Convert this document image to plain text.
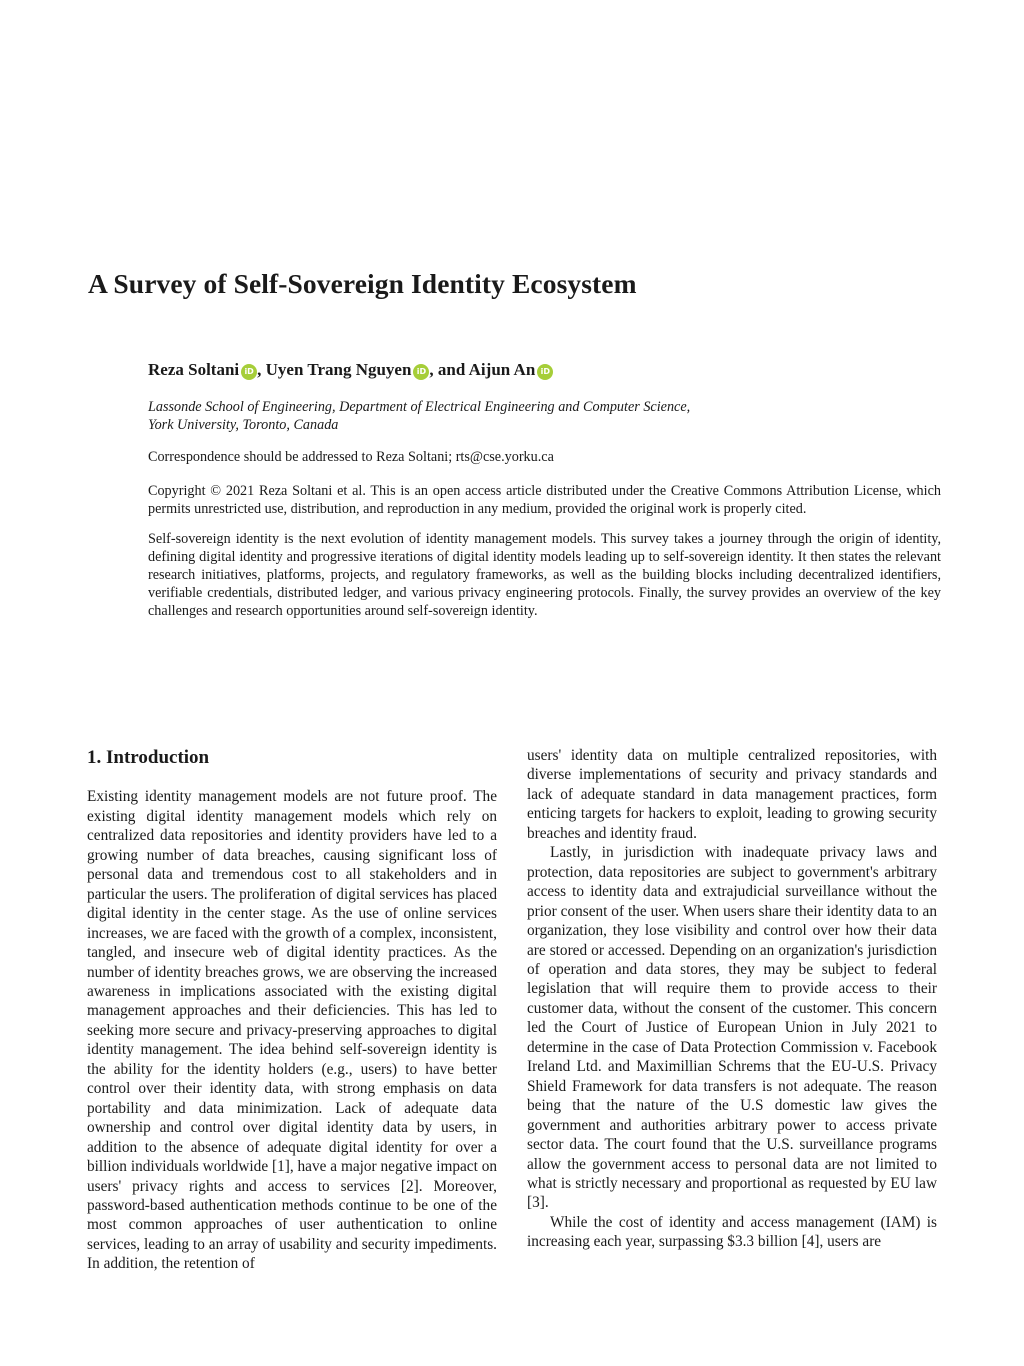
A Survey of Self-Sovereign Identity Ecosystem
Reza Soltani iD , Uyen Trang Nguyen iD , and Aijun An iD
Lassonde School of Engineering, Department of Electrical Engineering and Computer Science,
York University, Toronto, Canada
Correspondence should be addressed to Reza Soltani; rts@cse.yorku.ca
Copyright © 2021 Reza Soltani et al. This is an open access article distributed under the Creative Commons Attribution License, which permits unrestricted use, distribution, and reproduction in any medium, provided the original work is properly cited.
Self-sovereign identity is the next evolution of identity management models. This survey takes a journey through the origin of identity, defining digital identity and progressive iterations of digital identity models leading up to self-sovereign identity. It then states the relevant research initiatives, platforms, projects, and regulatory frameworks, as well as the building blocks including decentralized identifiers, verifiable credentials, distributed ledger, and various privacy engineering protocols. Finally, the survey provides an overview of the key challenges and research opportunities around self-sovereign identity.
1. Introduction

Existing identity management models are not future proof. The existing digital identity management models which rely on centralized data repositories and identity providers have led to a growing number of data breaches, causing significant loss of personal data and tremendous cost to all stakeholders and in particular the users. The proliferation of digital services has placed digital identity in the center stage. As the use of online services increases, we are faced with the growth of a complex, inconsistent, tangled, and insecure web of digital identity practices. As the number of identity breaches grows, we are observing the increased awareness in implications associated with the existing digital management approaches and their deficiencies. This has led to seeking more secure and privacy-preserving approaches to digital identity management. The idea behind self-sovereign identity is the ability for the identity holders (e.g., users) to have better control over their identity data, with strong emphasis on data portability and data minimization. Lack of adequate data ownership and control over digital identity data by users, in addition to the absence of adequate digital identity for over a billion individuals worldwide [1], have a major negative impact on users' privacy rights and access to services [2]. Moreover, password-based authentication methods continue to be one of the most common approaches of user authentication to online services, leading to an array of usability and security impediments. In addition, the retention of

users' identity data on multiple centralized repositories, with diverse implementations of security and privacy standards and lack of adequate standard in data management practices, form enticing targets for hackers to exploit, leading to growing security breaches and identity fraud.

Lastly, in jurisdiction with inadequate privacy laws and protection, data repositories are subject to government's arbitrary access to identity data and extrajudicial surveillance without the prior consent of the user. When users share their identity data to an organization, they lose visibility and control over how their data are stored or accessed. Depending on an organization's jurisdiction of operation and data stores, they may be subject to federal legislation that will require them to provide access to their customer data, without the consent of the customer. This concern led the Court of Justice of European Union in July 2021 to determine in the case of Data Protection Commission v. Facebook Ireland Ltd. and Maximillian Schrems that the EU-U.S. Privacy Shield Framework for data transfers is not adequate. The reason being that the nature of the U.S domestic law gives the government and authorities arbitrary power to access private sector data. The court found that the U.S. surveillance programs allow the government access to personal data are not limited to what is strictly necessary and proportional as requested by EU law [3].

While the cost of identity and access management (IAM) is increasing each year, surpassing $3.3 billion [4], users are
